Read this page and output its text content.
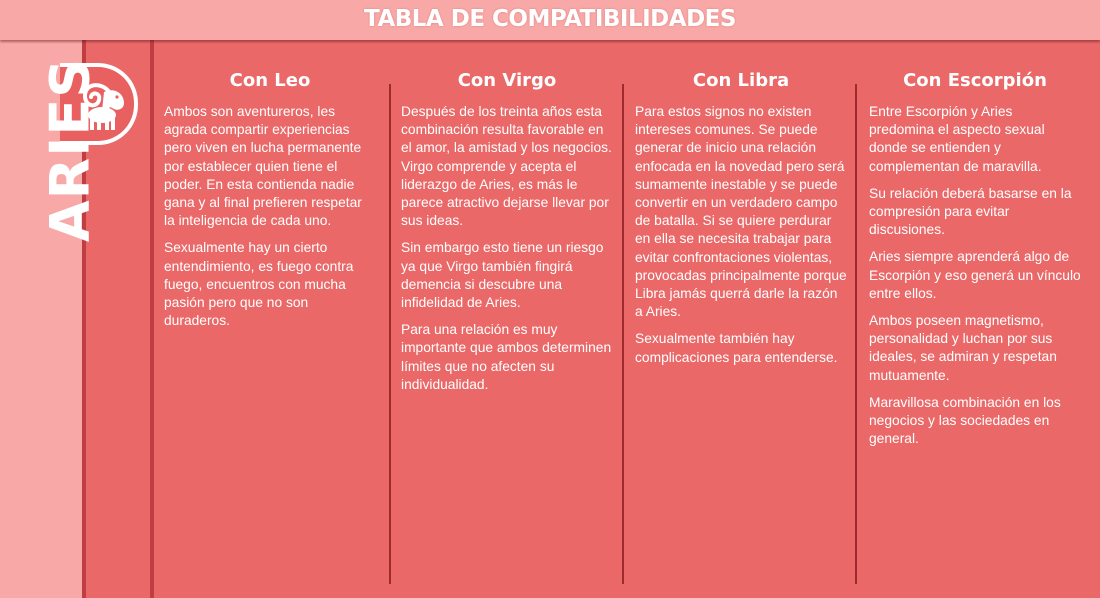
TABLA DE COMPATIBILIDADES
ARIES	Con Leo

Ambos son aventureros, les agrada compartir experiencias pero viven en lucha permanente por establecer quien tiene el poder. En esta contienda nadie gana y al final prefieren respetar la inteligencia de cada uno.

Sexualmente hay un cierto entendimiento, es fuego contra fuego, encuentros con mucha pasión pero que no son duraderos.

Con Virgo

Después de los treinta años esta combinación resulta favorable en el amor, la amistad y los negocios. Virgo comprende y acepta el liderazgo de Aries, es más le parece atractivo dejarse llevar por sus ideas.

Sin embargo esto tiene un riesgo ya que Virgo también fingirá demencia si descubre una infidelidad de Aries.

Para una relación es muy importante que ambos determinen límites que no afecten su individualidad.

Con Libra

Para estos signos no existen intereses comunes. Se puede generar de inicio una relación enfocada en la novedad pero será sumamente inestable y se puede convertir en un verdadero campo de batalla. Si se quiere perdurar en ella se necesita trabajar para evitar confrontaciones violentas, provocadas principalmente porque Libra jamás querrá darle la razón a Aries.

Sexualmente también hay complicaciones para entenderse.

Con Escorpión

Entre Escorpión y Aries predomina el aspecto sexual donde se entienden y complementan de maravilla.

Su relación deberá basarse en la compresión para evitar discusiones.

Aries siempre aprenderá algo de Escorpión y eso generá un vínculo entre ellos.

Ambos poseen magnetismo, personalidad y luchan por sus ideales, se admiran y respetan mutuamente.

Maravillosa combinación en los negocios y las sociedades en general.
